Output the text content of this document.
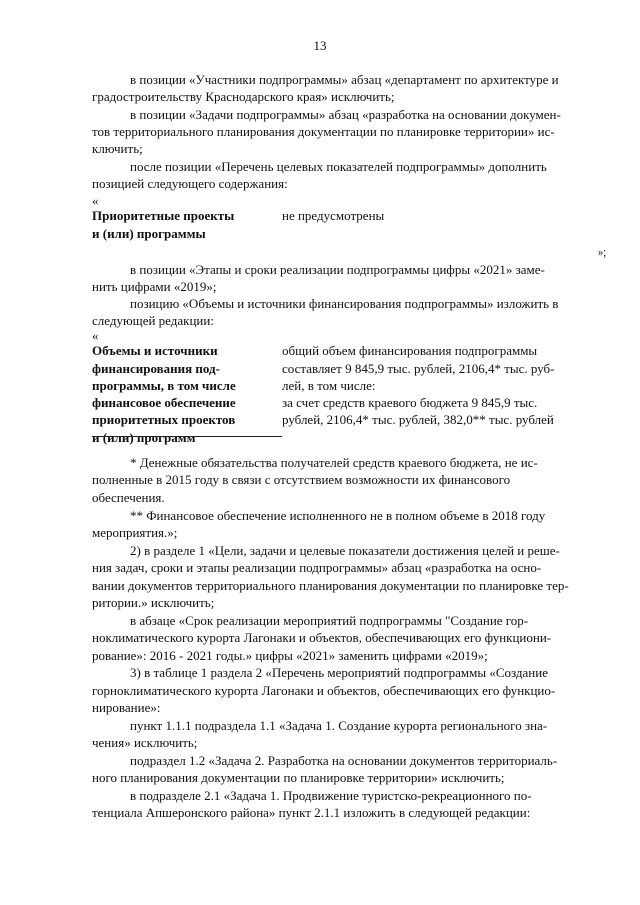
13
в позиции «Участники подпрограммы» абзац «департамент по архитектуре и
градостроительству Краснодарского края» исключить;
в позиции «Задачи подпрограммы» абзац «разработка на основании докумен-
тов территориального планирования документации по планировке территории» ис-
ключить;
после позиции «Перечень целевых показателей подпрограммы» дополнить
позицией следующего содержания:
«
Приоритетные проекты
и (или) программы
не предусмотрены
»;
в позиции «Этапы и сроки реализации подпрограммы цифры «2021» заме-
нить цифрами «2019»;
позицию «Объемы и источники финансирования подпрограммы» изложить в
следующей редакции:
«
Объемы и источники
финансирования под-
программы, в том числе
финансовое обеспечение
приоритетных проектов
и (или) программ
общий объем финансирования подпрограммы
составляет 9 845,9 тыс. рублей, 2106,4* тыс. руб-
лей, в том числе:
за счет средств краевого бюджета 9 845,9 тыс.
рублей, 2106,4* тыс. рублей, 382,0** тыс. рублей
* Денежные обязательства получателей средств краевого бюджета, не ис-
полненные в 2015 году в связи с отсутствием возможности их финансового
обеспечения.
** Финансовое обеспечение исполненного не в полном объеме в 2018 году
мероприятия.»;
2) в разделе 1 «Цели, задачи и целевые показатели достижения целей и реше-
ния задач, сроки и этапы реализации подпрограммы» абзац «разработка на осно-
вании документов территориального планирования документации по планировке тер-
ритории.» исключить;
в абзаце «Срок реализации мероприятий подпрограммы "Создание гор-
ноклиматического курорта Лагонаки и объектов, обеспечивающих его функциони-
рование»: 2016 - 2021 годы.» цифры «2021» заменить цифрами «2019»;
3) в таблице 1 раздела 2 «Перечень мероприятий подпрограммы «Создание
горноклиматического курорта Лагонаки и объектов, обеспечивающих его функцио-
нирование»:
пункт 1.1.1 подраздела 1.1 «Задача 1. Создание курорта регионального зна-
чения» исключить;
подраздел 1.2 «Задача 2. Разработка на основании документов территориаль-
ного планирования документации по планировке территории» исключить;
в подразделе 2.1 «Задача 1. Продвижение туристско-рекреационного по-
тенциала Апшеронского района» пункт 2.1.1 изложить в следующей редакции:
